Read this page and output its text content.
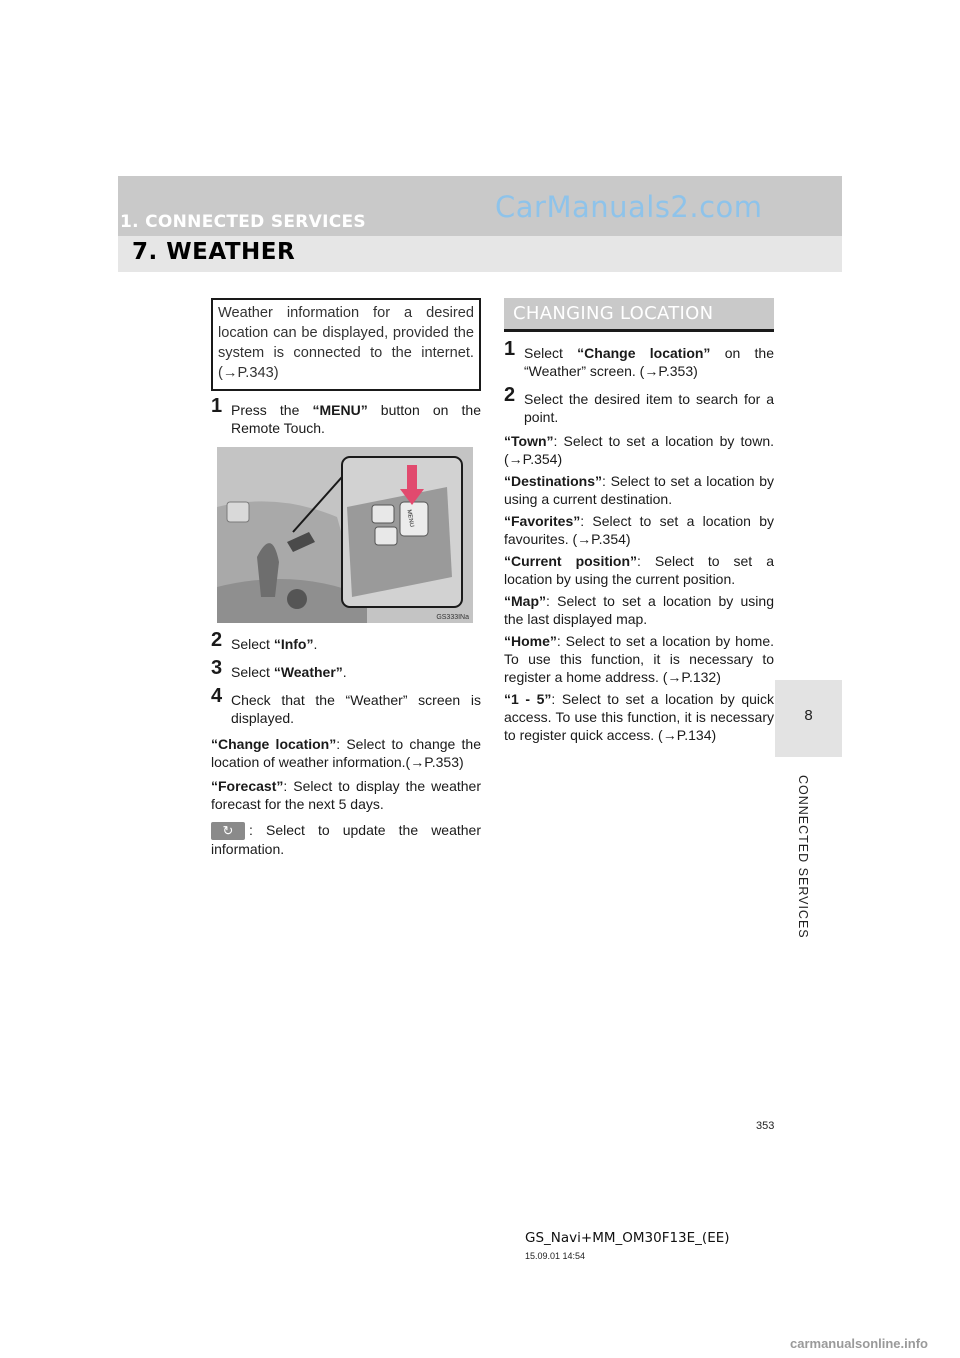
1. CONNECTED SERVICES	CarManuals2.com
7. WEATHER
8
CONNECTED SERVICES
Weather information for a desired location can be displayed, provided the system is connected to the internet. (→P.343)
1 Press the “MENU” button on the Remote Touch.
MENU
GS333INa
2 Select “Info”.
3 Select “Weather”.
4 Check that the “Weather” screen is displayed.

“Change location”: Select to change the location of weather information.(→P.353)

“Forecast”: Select to display the weather forecast for the next 5 days.

↻	: Select to update the weather information.

CHANGING LOCATION
1 Select “Change location” on the “Weather” screen. (→P.353)
2 Select the desired item to search for a point.

“Town”: Select to set a location by town. (→P.354)

“Destinations”: Select to set a location by using a current destination.

“Favorites”: Select to set a location by favourites. (→P.354)

“Current position”: Select to set a location by using the current position.

“Map”: Select to set a location by using the last displayed map.

“Home”: Select to set a location by home. To use this function, it is necessary to register a home address. (→P.132)

“1 - 5”: Select to set a location by quick access. To use this function, it is necessary to register quick access. (→P.134)

353
GS_Navi+MM_OM30F13E_(EE)
15.09.01 14:54
carmanualsonline.info
